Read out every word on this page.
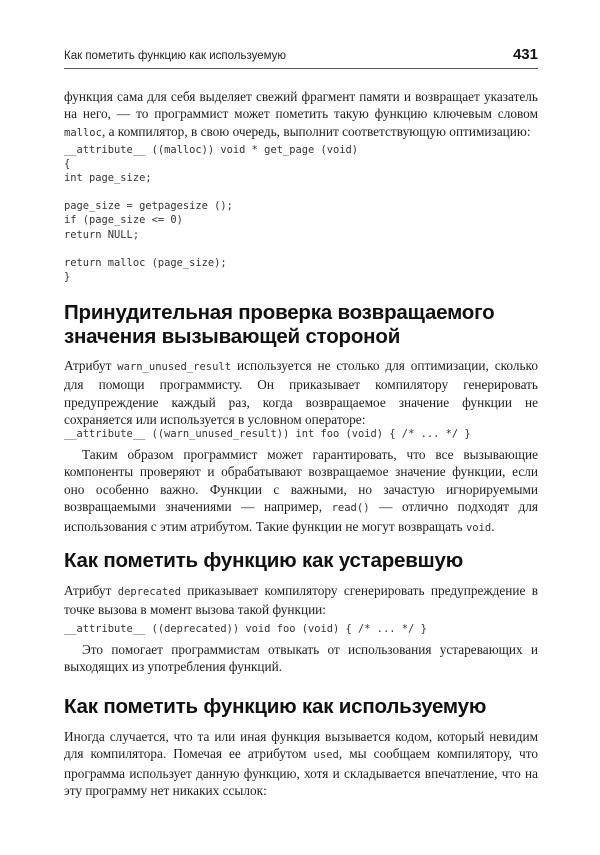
Как пометить функцию как используемую	431

функция сама для себя выделяет свежий фрагмент памяти и возвращает указатель на него, — то программист может пометить такую функцию ключевым словом malloc, а компилятор, в свою очередь, выполнит соответствующую оптимизацию:

__attribute__ ((malloc)) void * get_page (void)
{
int page_size;
page_size = getpagesize ();
if (page_size <= 0)
return NULL;
return malloc (page_size);
}
Принудительная проверка возвращаемого
значения вызывающей стороной

Атрибут warn_unused_result используется не столько для оптимизации, сколько для помощи программисту. Он приказывает компилятору генерировать предупреждение каждый раз, когда возвращаемое значение функции не сохраняется или используется в условном операторе:

__attribute__ ((warn_unused_result)) int foo (void) { /* ... */ }

Таким образом программист может гарантировать, что все вызывающие компоненты проверяют и обрабатывают возвращаемое значение функции, если оно особенно важно. Функции с важными, но зачастую игнорируемыми возвращаемыми значениями — например, read() — отлично подходят для использования с этим атрибутом. Такие функции не могут возвращать void.

Как пометить функцию как устаревшую

Атрибут deprecated приказывает компилятору сгенерировать предупреждение в точке вызова в момент вызова такой функции:

__attribute__ ((deprecated)) void foo (void) { /* ... */ }

Это помогает программистам отвыкать от использования устаревающих и выходящих из употребления функций.

Как пометить функцию как используемую

Иногда случается, что та или иная функция вызывается кодом, который невидим для компилятора. Помечая ее атрибутом used, мы сообщаем компилятору, что программа использует данную функцию, хотя и складывается впечатление, что на эту программу нет никаких ссылок:
